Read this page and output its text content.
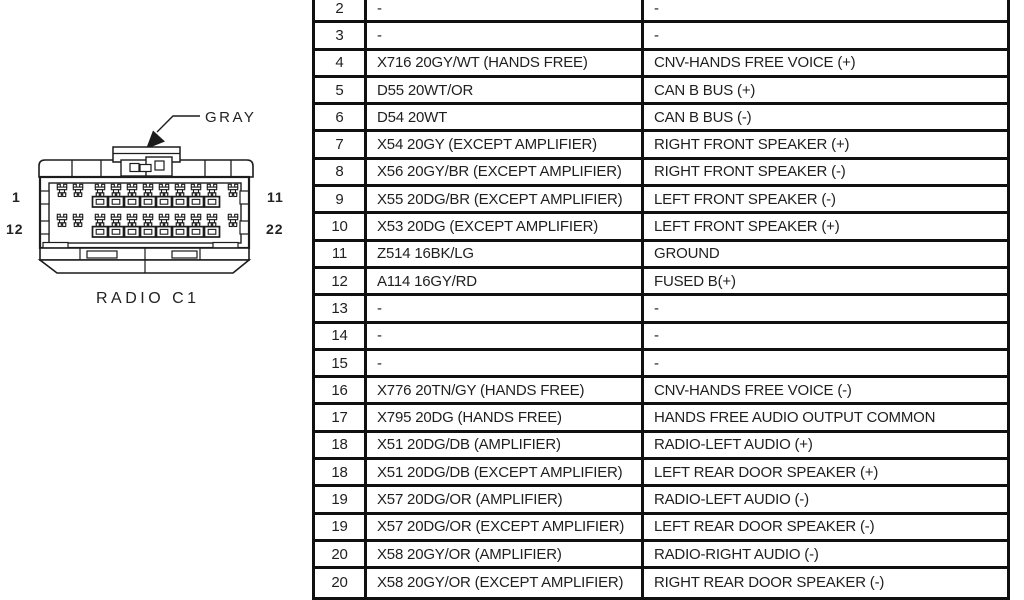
GRAY
1	11
12	22
RADIO C1
2	-	-
3	-	-
4	X716 20GY/WT (HANDS FREE)	CNV-HANDS FREE VOICE (+)
5	D55 20WT/OR	CAN B BUS (+)
6	D54 20WT	CAN B BUS (-)
7	X54 20GY (EXCEPT AMPLIFIER)	RIGHT FRONT SPEAKER (+)
8	X56 20GY/BR (EXCEPT AMPLIFIER)	RIGHT FRONT SPEAKER (-)
9	X55 20DG/BR (EXCEPT AMPLIFIER)	LEFT FRONT SPEAKER (-)
10	X53 20DG (EXCEPT AMPLIFIER)	LEFT FRONT SPEAKER (+)
11	Z514 16BK/LG	GROUND
12	A114 16GY/RD	FUSED B(+)
13	-	-
14	-	-
15	-	-
16	X776 20TN/GY (HANDS FREE)	CNV-HANDS FREE VOICE (-)
17	X795 20DG (HANDS FREE)	HANDS FREE AUDIO OUTPUT COMMON
18	X51 20DG/DB (AMPLIFIER)	RADIO-LEFT AUDIO (+)
18	X51 20DG/DB (EXCEPT AMPLIFIER)	LEFT REAR DOOR SPEAKER (+)
19	X57 20DG/OR (AMPLIFIER)	RADIO-LEFT AUDIO (-)
19	X57 20DG/OR (EXCEPT AMPLIFIER)	LEFT REAR DOOR SPEAKER (-)
20	X58 20GY/OR (AMPLIFIER)	RADIO-RIGHT AUDIO (-)
20	X58 20GY/OR (EXCEPT AMPLIFIER)	RIGHT REAR DOOR SPEAKER (-)
